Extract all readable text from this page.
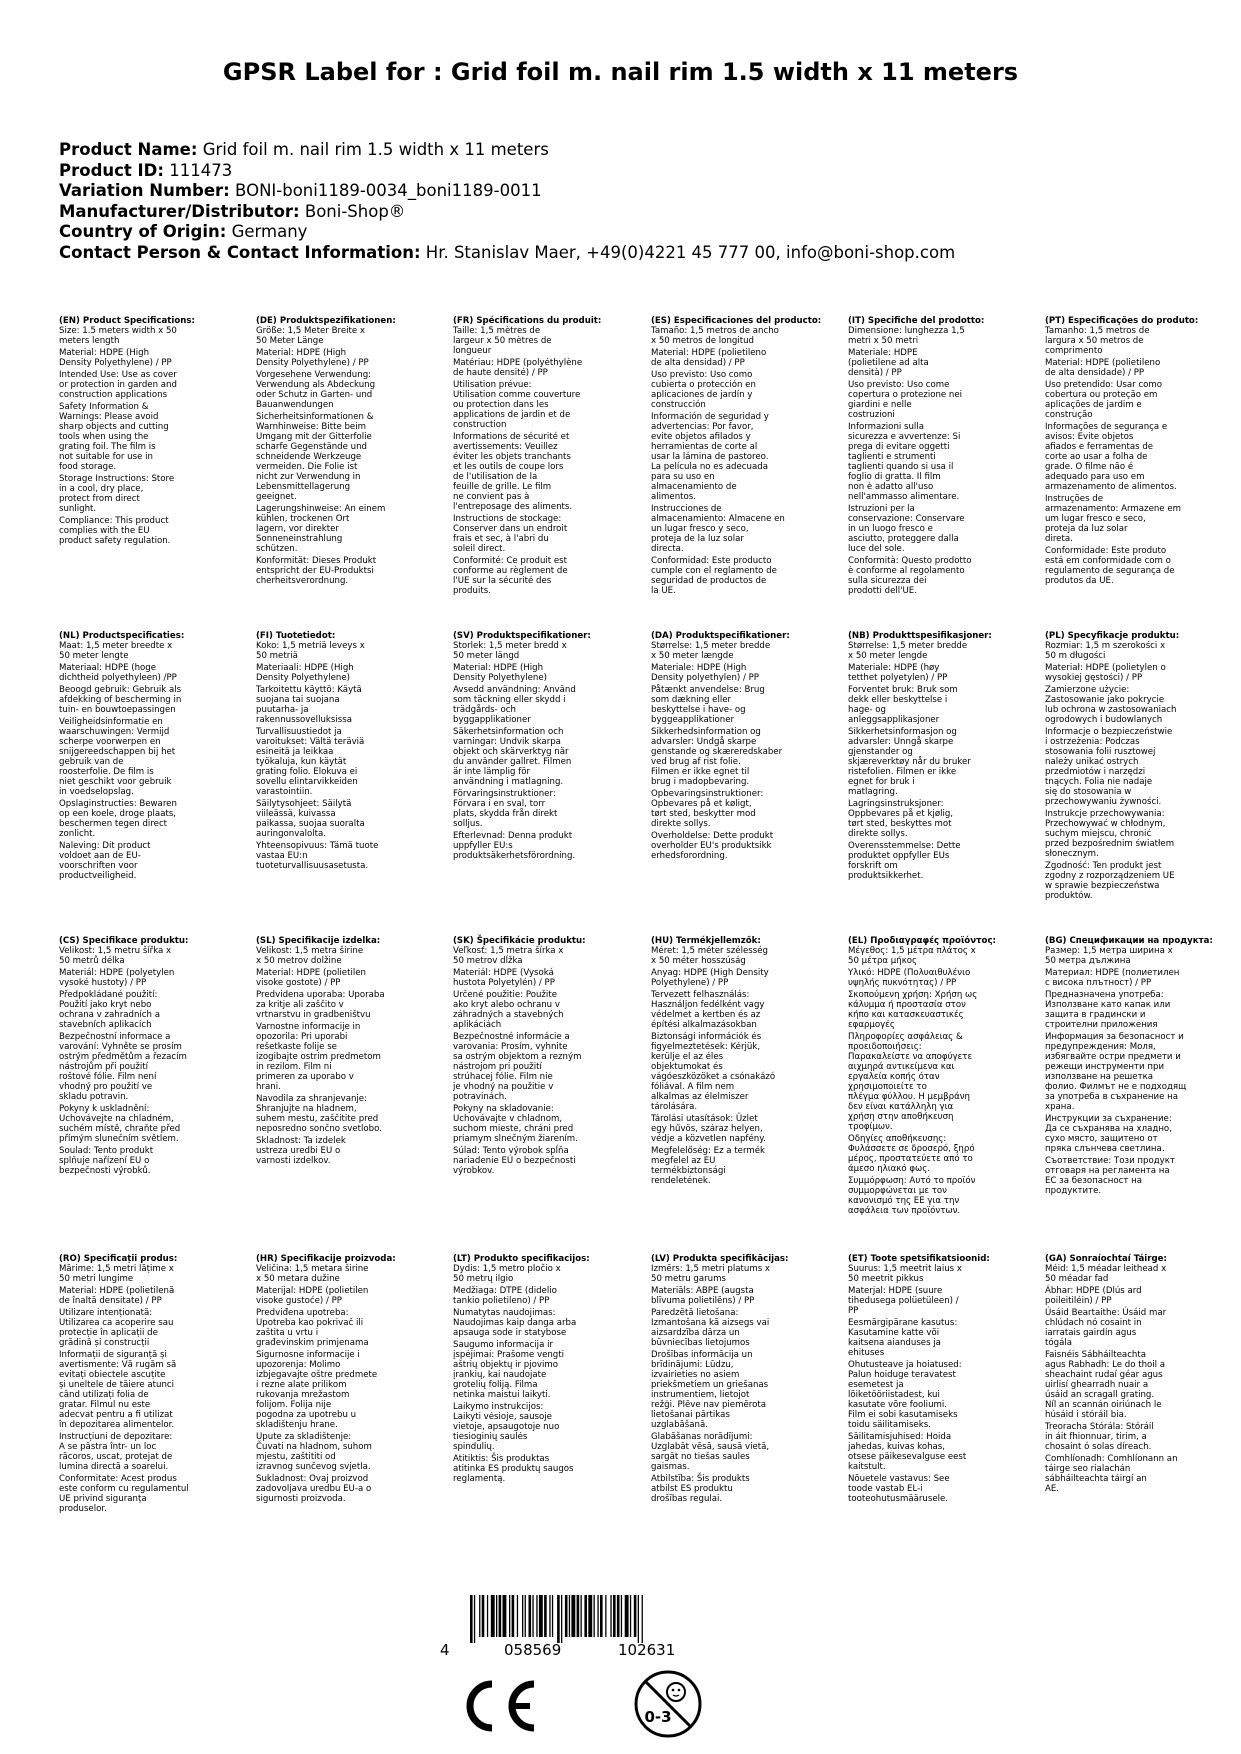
GPSR Label for : Grid foil m. nail rim 1.5 width x 11 meters
Product Name: Grid foil m. nail rim 1.5 width x 11 meters
Product ID: 111473
Variation Number: BONI-boni1189-0034_boni1189-0011
Manufacturer/Distributor: Boni-Shop®
Country of Origin: Germany
Contact Person & Contact Information: Hr. Stanislav Maer, +49(0)4221 45 777 00, info@boni-shop.com
(EN) Product Specifications:
Size: 1.5 meters width x 50
meters length
Material: HDPE (High
Density Polyethylene) / PP
Intended Use: Use as cover
or protection in garden and
construction applications
Safety Information &
Warnings: Please avoid
sharp objects and cutting
tools when using the
grating foil. The film is
not suitable for use in
food storage.
Storage Instructions: Store
in a cool, dry place,
protect from direct
sunlight.
Compliance: This product
complies with the EU
product safety regulation.
(DE) Produktspezifikationen:
Größe: 1,5 Meter Breite x
50 Meter Länge
Material: HDPE (High
Density Polyethylene) / PP
Vorgesehene Verwendung:
Verwendung als Abdeckung
oder Schutz in Garten- und
Bauanwendungen
Sicherheitsinformationen &
Warnhinweise: Bitte beim
Umgang mit der Gitterfolie
scharfe Gegenstände und
schneidende Werkzeuge
vermeiden. Die Folie ist
nicht zur Verwendung in
Lebensmittellagerung
geeignet.
Lagerungshinweise: An einem
kühlen, trockenen Ort
lagern, vor direkter
Sonneneinstrahlung
schützen.
Konformität: Dieses Produkt
entspricht der EU-Produktsi
cherheitsverordnung.
(FR) Spécifications du produit:
Taille: 1,5 mètres de
largeur x 50 mètres de
longueur
Matériau: HDPE (polyéthylène
de haute densité) / PP
Utilisation prévue:
Utilisation comme couverture
ou protection dans les
applications de jardin et de
construction
Informations de sécurité et
avertissements: Veuillez
éviter les objets tranchants
et les outils de coupe lors
de l'utilisation de la
feuille de grille. Le film
ne convient pas à
l'entreposage des aliments.
Instructions de stockage:
Conserver dans un endroit
frais et sec, à l'abri du
soleil direct.
Conformité: Ce produit est
conforme au règlement de
l'UE sur la sécurité des
produits.
(ES) Especificaciones del producto:
Tamaño: 1,5 metros de ancho
x 50 metros de longitud
Material: HDPE (polietileno
de alta densidad) / PP
Uso previsto: Uso como
cubierta o protección en
aplicaciones de jardín y
construcción
Información de seguridad y
advertencias: Por favor,
evite objetos afilados y
herramientas de corte al
usar la lámina de pastoreo.
La película no es adecuada
para su uso en
almacenamiento de
alimentos.
Instrucciones de
almacenamiento: Almacene en
un lugar fresco y seco,
proteja de la luz solar
directa.
Conformidad: Este producto
cumple con el reglamento de
seguridad de productos de
la UE.
(IT) Specifiche del prodotto:
Dimensione: lunghezza 1,5
metri x 50 metri
Materiale: HDPE
(polietilene ad alta
densità) / PP
Uso previsto: Uso come
copertura o protezione nei
giardini e nelle
costruzioni
Informazioni sulla
sicurezza e avvertenze: Si
prega di evitare oggetti
taglienti e strumenti
taglienti quando si usa il
foglio di gratta. Il film
non è adatto all'uso
nell'ammasso alimentare.
Istruzioni per la
conservazione: Conservare
in un luogo fresco e
asciutto, proteggere dalla
luce del sole.
Conformità: Questo prodotto
è conforme al regolamento
sulla sicurezza dei
prodotti dell'UE.
(PT) Especificações do produto:
Tamanho: 1,5 metros de
largura x 50 metros de
comprimento
Material: HDPE (polietileno
de alta densidade) / PP
Uso pretendido: Usar como
cobertura ou proteção em
aplicações de jardim e
construção
Informações de segurança e
avisos: Evite objetos
afiados e ferramentas de
corte ao usar a folha de
grade. O filme não é
adequado para uso em
armazenamento de alimentos.
Instruções de
armazenamento: Armazene em
um lugar fresco e seco,
proteja da luz solar
direta.
Conformidade: Este produto
está em conformidade com o
regulamento de segurança de
produtos da UE.
(NL) Productspecificaties:
Maat: 1,5 meter breedte x
50 meter lengte
Materiaal: HDPE (hoge
dichtheid polyethyleen) /PP
Beoogd gebruik: Gebruik als
afdekking of bescherming in
tuin- en bouwtoepassingen
Veiligheidsinformatie en
waarschuwingen: Vermijd
scherpe voorwerpen en
snijgereedschappen bij het
gebruik van de
roosterfolie. De film is
niet geschikt voor gebruik
in voedselopslag.
Opslaginstructies: Bewaren
op een koele, droge plaats,
beschermen tegen direct
zonlicht.
Naleving: Dit product
voldoet aan de EU-
voorschriften voor
productveiligheid.
(FI) Tuotetiedot:
Koko: 1,5 metriä leveys x
50 metriä
Materiaali: HDPE (High
Density Polyethylene)
Tarkoitettu käyttö: Käytä
suojana tai suojana
puutarha- ja
rakennussovelluksissa
Turvallisuustiedot ja
varoitukset: Vältä teräviä
esineitä ja leikkaa
työkaluja, kun käytät
grating folio. Elokuva ei
sovellu elintarvikkeiden
varastointiin.
Säilytysohjeet: Säilytä
viileässä, kuivassa
paikassa, suojaa suoralta
auringonvalolta.
Yhteensopivuus: Tämä tuote
vastaa EU:n
tuoteturvallisuusasetusta.
(SV) Produktspecifikationer:
Storlek: 1,5 meter bredd x
50 meter längd
Material: HDPE (High
Density Polyethylene)
Avsedd användning: Använd
som täckning eller skydd i
trädgårds- och
byggapplikationer
Säkerhetsinformation och
varningar: Undvik skarpa
objekt och skärverktyg när
du använder gallret. Filmen
är inte lämplig för
användning i matlagning.
Förvaringsinstruktioner:
Förvara i en sval, torr
plats, skydda från direkt
solljus.
Efterlevnad: Denna produkt
uppfyller EU:s
produktsäkerhetsförordning.
(DA) Produktspecifikationer:
Størrelse: 1,5 meter bredde
x 50 meter længde
Materiale: HDPE (High
Density polyethylen) / PP
Påtænkt anvendelse: Brug
som dækning eller
beskyttelse i have- og
byggeapplikationer
Sikkerhedsinformation og
advarsler: Undgå skarpe
genstande og skæreredskaber
ved brug af rist folie.
Filmen er ikke egnet til
brug i madopbevaring.
Opbevaringsinstruktioner:
Opbevares på et køligt,
tørt sted, beskytter mod
direkte sollys.
Overholdelse: Dette produkt
overholder EU's produktsikk
erhedsforordning.
(NB) Produkttspesifikasjoner:
Størrelse: 1,5 meter bredde
x 50 meter lengde
Materiale: HDPE (høy
tetthet polyetylen) / PP
Forventet bruk: Bruk som
dekk eller beskyttelse i
hage- og
anleggsapplikasjoner
Sikkerhetsinformasjon og
advarsler: Unngå skarpe
gjenstander og
skjæreverktøy når du bruker
ristefolien. Filmen er ikke
egnet for bruk i
matlagring.
Lagringsinstruksjoner:
Oppbevares på et kjølig,
tørt sted, beskyttes mot
direkte sollys.
Overensstemmelse: Dette
produktet oppfyller EUs
forskrift om
produktsikkerhet.
(PL) Specyfikacje produktu:
Rozmiar: 1,5 m szerokości x
50 m długości
Materiał: HDPE (polietylen o
wysokiej gęstości) / PP
Zamierzone użycie:
Zastosowanie jako pokrycie
lub ochrona w zastosowaniach
ogrodowych i budowlanych
Informacje o bezpieczeństwie
i ostrzeżenia: Podczas
stosowania folii rusztowej
należy unikać ostrych
przedmiotów i narzędzi
tnących. Folia nie nadaje
się do stosowania w
przechowywaniu żywności.
Instrukcje przechowywania:
Przechowywać w chłodnym,
suchym miejscu, chronić
przed bezpośrednim światłem
słonecznym.
Zgodność: Ten produkt jest
zgodny z rozporządzeniem UE
w sprawie bezpieczeństwa
produktów.
(CS) Specifikace produktu:
Velikost: 1,5 metru šířka x
50 metrů délka
Materiál: HDPE (polyetylen
vysoké hustoty) / PP
Předpokládané použití:
Použití jako kryt nebo
ochrana v zahradních a
stavebních aplikacích
Bezpečnostní informace a
varování: Vyhněte se prosím
ostrým předmětům a řezacím
nástrojům při použití
roštové fólie. Film není
vhodný pro použití ve
skladu potravin.
Pokyny k uskladnění:
Uchovávejte na chladném,
suchém místě, chraňte před
přímým slunečním světlem.
Soulad: Tento produkt
splňuje nařízení EU o
bezpečnosti výrobků.
(SL) Specifikacije izdelka:
Velikost: 1,5 metra širine
x 50 metrov dolžine
Material: HDPE (polietilen
visoke gostote) / PP
Predvidena uporaba: Uporaba
za kritje ali zaščito v
vrtnarstvu in gradbeništvu
Varnostne informacije in
opozorila: Pri uporabi
rešetkaste folije se
izogibajte ostrim predmetom
in rezilom. Film ni
primeren za uporabo v
hrani.
Navodila za shranjevanje:
Shranjujte na hladnem,
suhem mestu, zaščitite pred
neposredno sončno svetlobo.
Skladnost: Ta izdelek
ustreza uredbi EU o
varnosti izdelkov.
(SK) Špecifikácie produktu:
Veľkosť: 1,5 metra šírka x
50 metrov dĺžka
Materiál: HDPE (Vysoká
hustota Polyetylén) / PP
Určené použitie: Použite
ako kryt alebo ochranu v
záhradných a stavebných
aplikáciách
Bezpečnostné informácie a
varovania: Prosím, vyhnite
sa ostrým objektom a rezným
nástrojom pri použití
strúhacej fólie. Film nie
je vhodný na použitie v
potravinách.
Pokyny na skladovanie:
Uchovávajte v chladnom,
suchom mieste, chráni pred
priamym slnečným žiarením.
Súlad: Tento výrobok spĺňa
nariadenie EÚ o bezpečnosti
výrobkov.
(HU) Termékjellemzők:
Méret: 1,5 méter szélesség
x 50 méter hosszúság
Anyag: HDPE (High Density
Polyethylene) / PP
Tervezett felhasználás:
Használjon fedélként vagy
védelmet a kertben és az
építési alkalmazásokban
Biztonsági információk és
figyelmeztetések: Kérjük,
kerülje el az éles
objektumokat és
vágóeszközöket a csónakázó
fóliával. A film nem
alkalmas az élelmiszer
tárolására.
Tárolási utasítások: Üzlet
egy hűvös, száraz helyen,
védje a közvetlen napfény.
Megfelelőség: Ez a termék
megfelel az EU
termékbiztonsági
rendeletének.
(EL) Προδιαγραφές προϊόντος:
Μέγεθος: 1,5 μέτρα πλάτος x
50 μέτρα μήκος
Υλικό: HDPE (Πολυαιθυλένιο
υψηλής πυκνότητας) / PP
Σκοπούμενη χρήση: Χρήση ως
κάλυμμα ή προστασία στον
κήπο και κατασκευαστικές
εφαρμογές
Πληροφορίες ασφάλειας &
προειδοποιήσεις:
Παρακαλείστε να αποφύγετε
αιχμηρά αντικείμενα και
εργαλεία κοπής όταν
χρησιμοποιείτε το
πλέγμα φύλλου. Η μεμβράνη
δεν είναι κατάλληλη για
χρήση στην αποθήκευση
τροφίμων.
Οδηγίες αποθήκευσης:
Φυλάσσετε σε δροσερό, ξηρό
μέρος, προστατεύετε από το
άμεσο ηλιακό φως.
Συμμόρφωση: Αυτό το προϊόν
συμμορφώνεται με τον
κανονισμό της ΕΕ για την
ασφάλεια των προϊόντων.
(BG) Спецификации на продукта:
Размер: 1,5 метра ширина x
50 метра дължина
Материал: HDPE (полиетилен
с висока плътност) / PP
Предназначена употреба:
Използване като капак или
защита в градински и
строителни приложения
Информация за безопасност и
предупреждения: Моля,
избягвайте остри предмети и
режещи инструменти при
използване на решетка
фолио. Филмът не е подходящ
за употреба в съхранение на
храна.
Инструкции за съхранение:
Да се съхранява на хладно,
сухо място, защитено от
пряка слънчева светлина.
Съответствие: Този продукт
отговаря на регламента на
ЕС за безопасност на
продуктите.
(RO) Specificații produs:
Mărime: 1,5 metri lățime x
50 metri lungime
Material: HDPE (polietilenă
de înaltă densitate) / PP
Utilizare intenționată:
Utilizarea ca acoperire sau
protecție în aplicații de
grădină și construcții
Informații de siguranță și
avertismente: Vă rugăm să
evitați obiectele ascuțite
și uneltele de tăiere atunci
când utilizați folia de
gratar. Filmul nu este
adecvat pentru a fi utilizat
în depozitarea alimentelor.
Instrucțiuni de depozitare:
A se păstra într- un loc
răcoros, uscat, protejat de
lumina directă a soarelui.
Conformitate: Acest produs
este conform cu regulamentul
UE privind siguranța
produselor.
(HR) Specifikacije proizvoda:
Veličina: 1,5 metara širine
x 50 metara dužine
Materijal: HDPE (polietilen
visoke gustoće) / PP
Predviđena upotreba:
Upotreba kao pokrivač ili
zaštita u vrtu i
građevinskim primjenama
Sigurnosne informacije i
upozorenja: Molimo
izbjegavajte oštre predmete
i rezne alate prilikom
rukovanja mrežastom
folijom. Folija nije
pogodna za upotrebu u
skladištenju hrane.
Upute za skladištenje:
Čuvati na hladnom, suhom
mjestu, zaštititi od
izravnog sunčevog svjetla.
Sukladnost: Ovaj proizvod
zadovoljava uredbu EU-a o
sigurnosti proizvoda.
(LT) Produkto specifikacijos:
Dydis: 1,5 metro pločio x
50 metrų ilgio
Medžiaga: DTPE (didelio
tankio polietileno) / PP
Numatytas naudojimas:
Naudojimas kaip danga arba
apsauga sode ir statybose
Saugumo informacija ir
įspėjimai: Prašome vengti
aštrių objektų ir pjovimo
įrankių, kai naudojate
grotelių foliją. Filma
netinka maistui laikyti.
Laikymo instrukcijos:
Laikyti vėsioje, sausoje
vietoje, apsaugotoje nuo
tiesioginių saulės
spindulių.
Atitiktis: Šis produktas
atitinka ES produktų saugos
reglamentą.
(LV) Produkta specifikācijas:
Izmērs: 1,5 metri platums x
50 metru garums
Materiāls: ABPE (augsta
blīvuma polietilēns) / PP
Paredzētā lietošana:
Izmantošana kā aizsegs vai
aizsardzība dārza un
būvniecības lietojumos
Drošības informācija un
brīdinājumi: Lūdzu,
izvairieties no asiem
priekšmetiem un griešanas
instrumentiem, lietojot
režģi. Plēve nav piemērota
lietošanai pārtikas
uzglabāšanā.
Glabāšanas norādījumi:
Uzglabāt vēsā, sausā vietā,
sargāt no tiešas saules
gaismas.
Atbilstība: Šis produkts
atbilst ES produktu
drošības regulai.
(ET) Toote spetsifikatsioonid:
Suurus: 1,5 meetrit laius x
50 meetrit pikkus
Materjal: HDPE (suure
tihedusega polüetüleen) /
PP
Eesmärgipärane kasutus:
Kasutamine katte või
kaitsena aianduses ja
ehituses
Ohutusteave ja hoiatused:
Palun hoiduge teravatest
esemetest ja
lõiketööriistadest, kui
kasutate võre fooliumi.
Film ei sobi kasutamiseks
toidu säilitamiseks.
Säilitamisjuhised: Hoida
jahedas, kuivas kohas,
otsese päikesevalguse eest
kaitstult.
Nõuetele vastavus: See
toode vastab EL-i
tooteohutusmäärusele.
(GA) Sonraíochtaí Táirge:
Méid: 1,5 méadar leithead x
50 méadar fad
Ábhar: HDPE (Dlús ard
poileitiléin) / PP
Úsáid Beartaithe: Úsáid mar
chlúdach nó cosaint in
iarratais gairdín agus
tógála
Faisnéis Sábháilteachta
agus Rabhadh: Le do thoil a
sheachaint rudaí géar agus
uirlisí ghearradh nuair a
úsáid an scragall grating.
Níl an scannán oiriúnach le
húsáid i stóráil bia.
Treoracha Stórála: Stóráil
in áit fhionnuar, tirim, a
chosaint ó solas díreach.
Comhlíonadh: Comhlíonann an
táirge seo rialachán
sábháilteachta táirgí an
AE.
4	058569	102631
0-3
